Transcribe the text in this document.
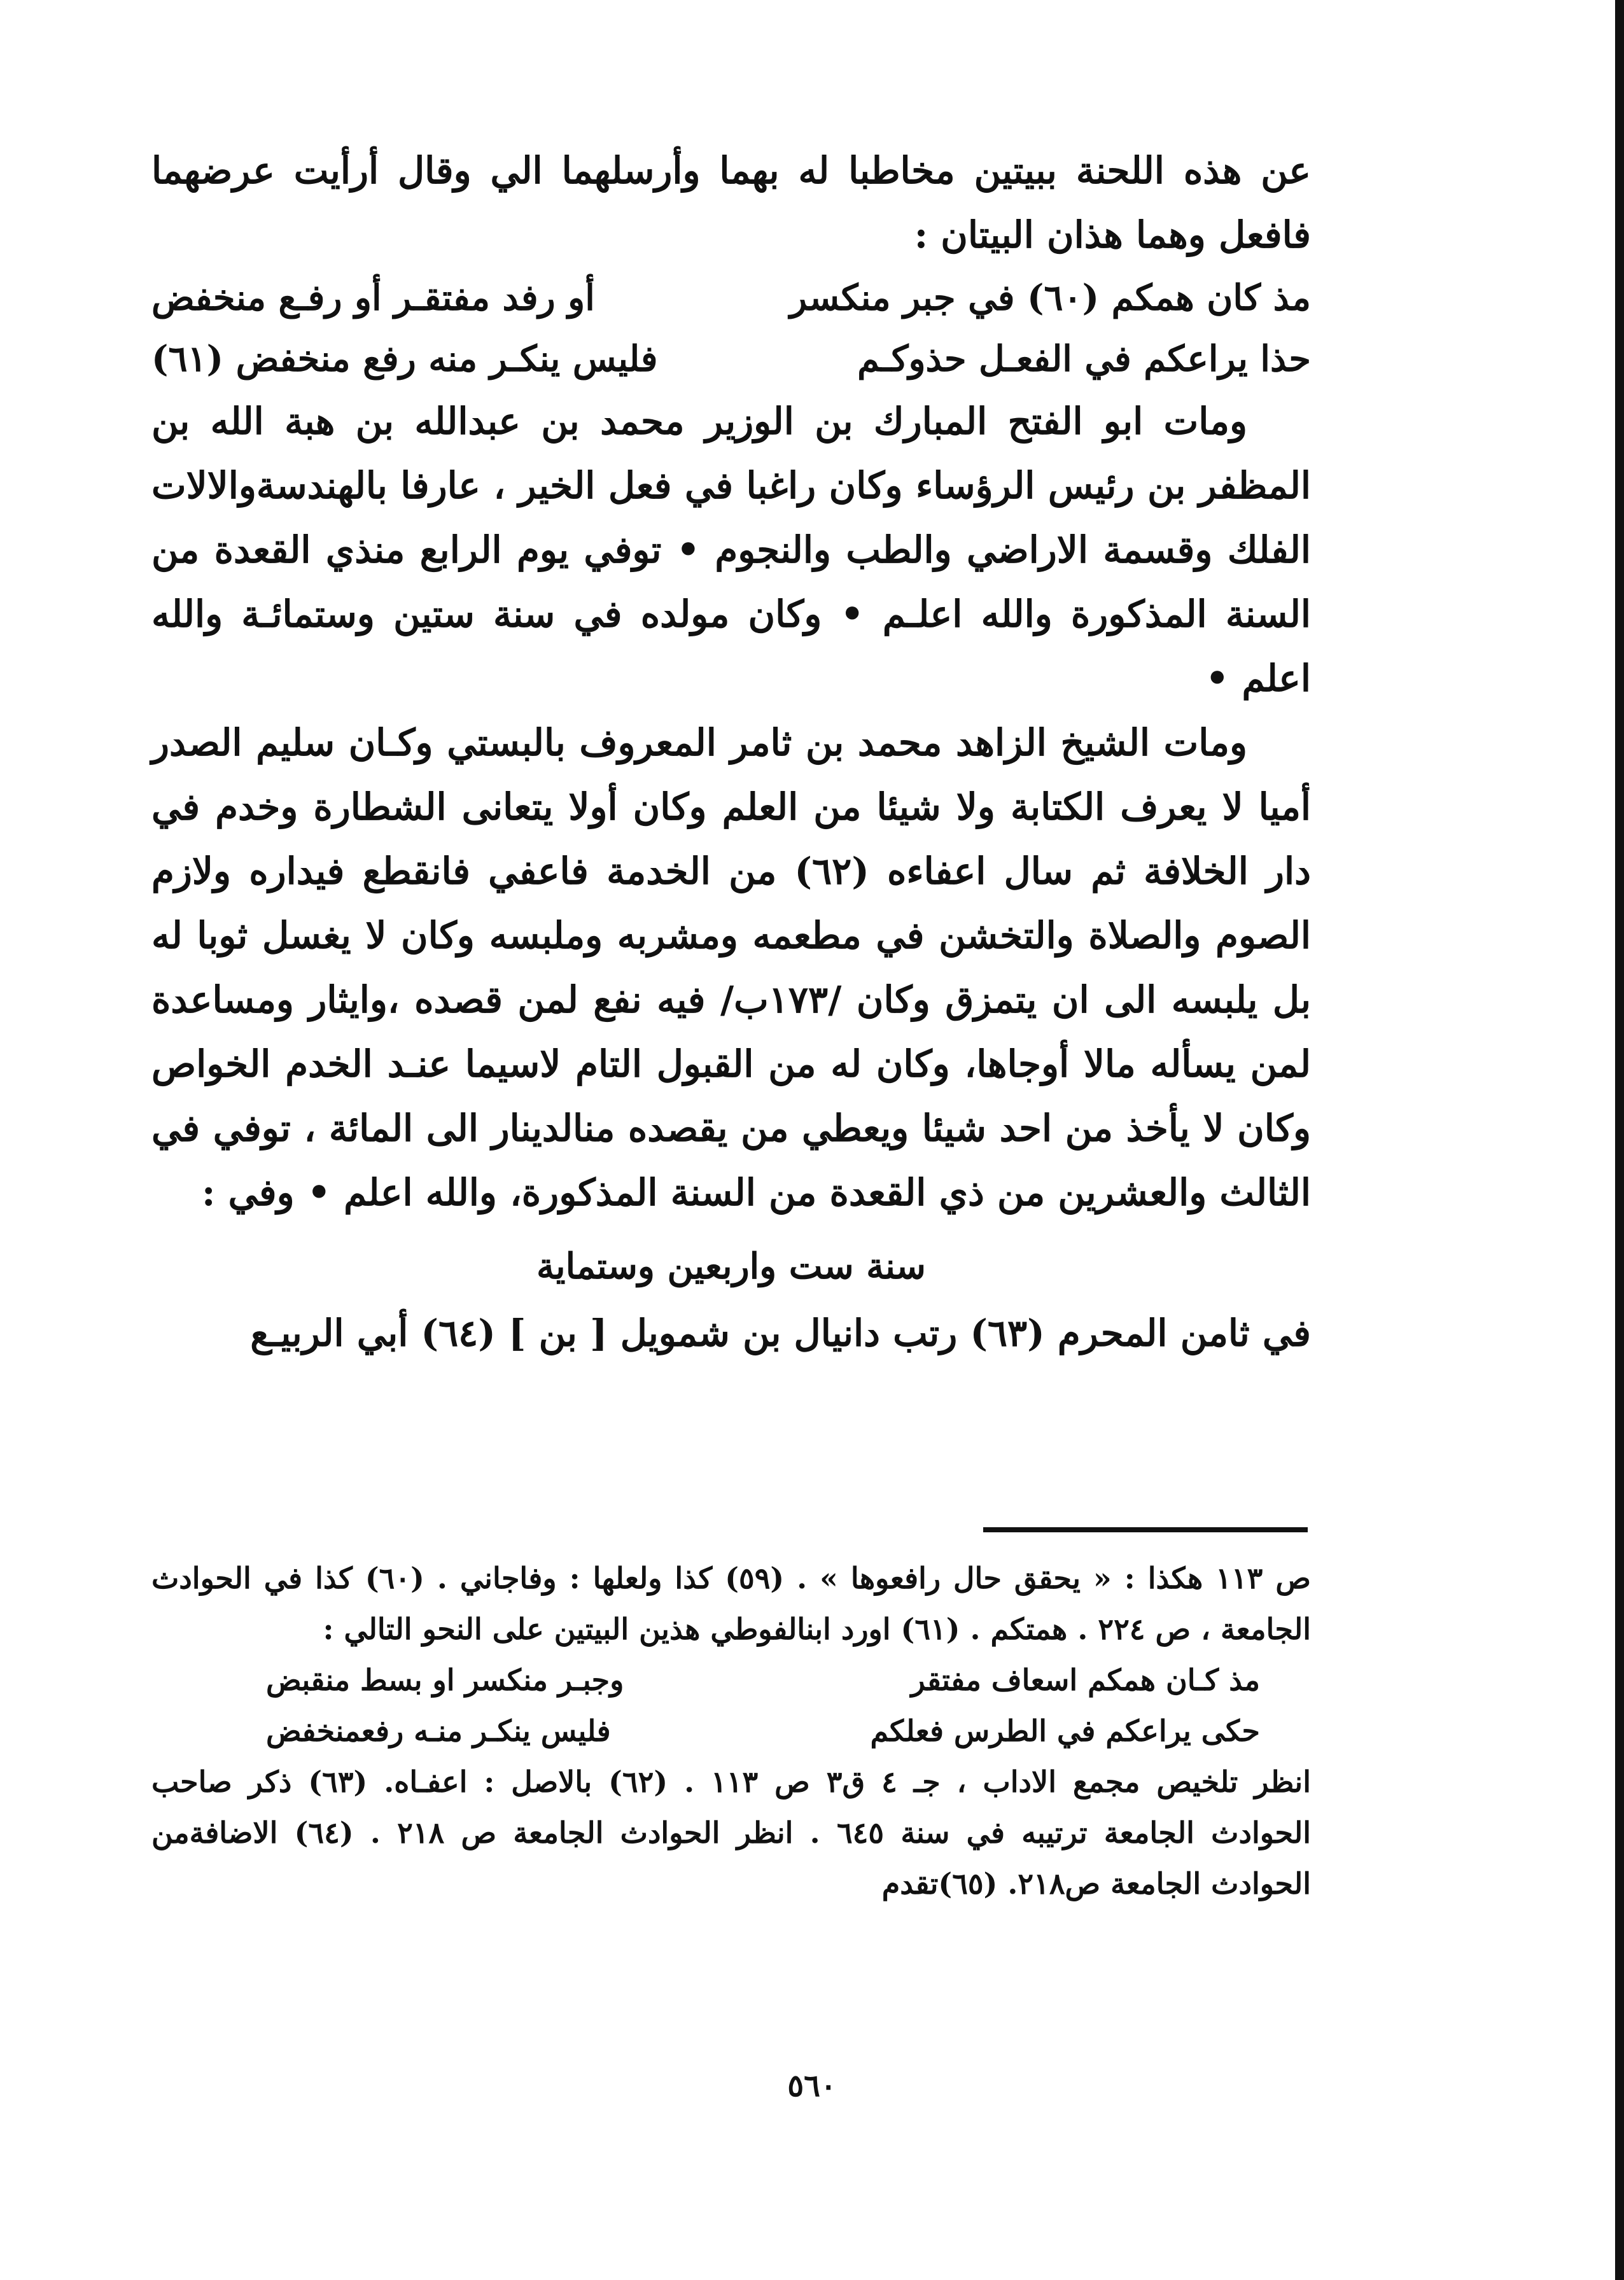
عن هذه اللحنة ببيتين مخاطبا له بهما وأرسلهما الي وقال أرأيت عرضهما فافعل وهما هذان البيتان :

مذ كان همكم (٦٠) في جبر منكسر
أو رفد مفتقـر أو رفـع منخفض
حذا يراعكم في الفعـل حذوكـم
فليس ينكـر منه رفع منخفض (٦١)

ومات ابو الفتح المبارك بن الوزير محمد بن عبدالله بن هبة الله بن المظفر بن رئيس الرؤساء وكان راغبا في فعل الخير ، عارفا بالهندسةوالالات الفلك وقسمة الاراضي والطب والنجوم • توفي يوم الرابع منذي القعدة من السنة المذكورة والله اعلـم • وكان مولده في سنة ستين وستمائـة والله اعلم •

ومات الشيخ الزاهد محمد بن ثامر المعروف بالبستي وكـان سليم الصدر أميا لا يعرف الكتابة ولا شيئا من العلم وكان أولا يتعانى الشطارة وخدم في دار الخلافة ثم سال اعفاءه (٦٢) من الخدمة فاعفي فانقطع فيداره ولازم الصوم والصلاة والتخشن في مطعمه ومشربه وملبسه وكان لا يغسل ثوبا له بل يلبسه الى ان يتمزق وكان /١٧٣ب/ فيه نفع لمن قصده ،وايثار ومساعدة لمن يسأله مالا أوجاها، وكان له من القبول التام لاسيما عنـد الخدم الخواص وكان لا يأخذ من احد شيئا ويعطي من يقصده منالدينار الى المائة ، توفي في الثالث والعشرين من ذي القعدة من السنة المذكورة، والله اعلم • وفي :

سنة ست واربعين وستماية

في ثامن المحرم (٦٣) رتب دانيال بن شمويل [ بن ] (٦٤) أبي الربيـع

ص ١١٣ هكذا : « يحقق حال رافعوها » . (٥٩) كذا ولعلها : وفاجاني . (٦٠) كذا في الحوادث الجامعة ، ص ٢٢٤ . همتكم . (٦١) اورد ابنالفوطي هذين البيتين على النحو التالي :

مذ كـان همكم اسعاف مفتقر
وجبـر منكسر او بسط منقبض
حكى يراعكم في الطرس فعلكم
فليس ينكـر منـه رفعمنخفض

انظر تلخيص مجمع الاداب ، جـ ٤ ق٣ ص ١١٣ . (٦٢) بالاصل : اعفـاه. (٦٣) ذكر صاحب الحوادث الجامعة ترتيبه في سنة ٦٤٥ . انظر الحوادث الجامعة ص ٢١٨ . (٦٤) الاضافةمن الحوادث الجامعة ص٢١٨. (٦٥)تقدم

٥٦٠
